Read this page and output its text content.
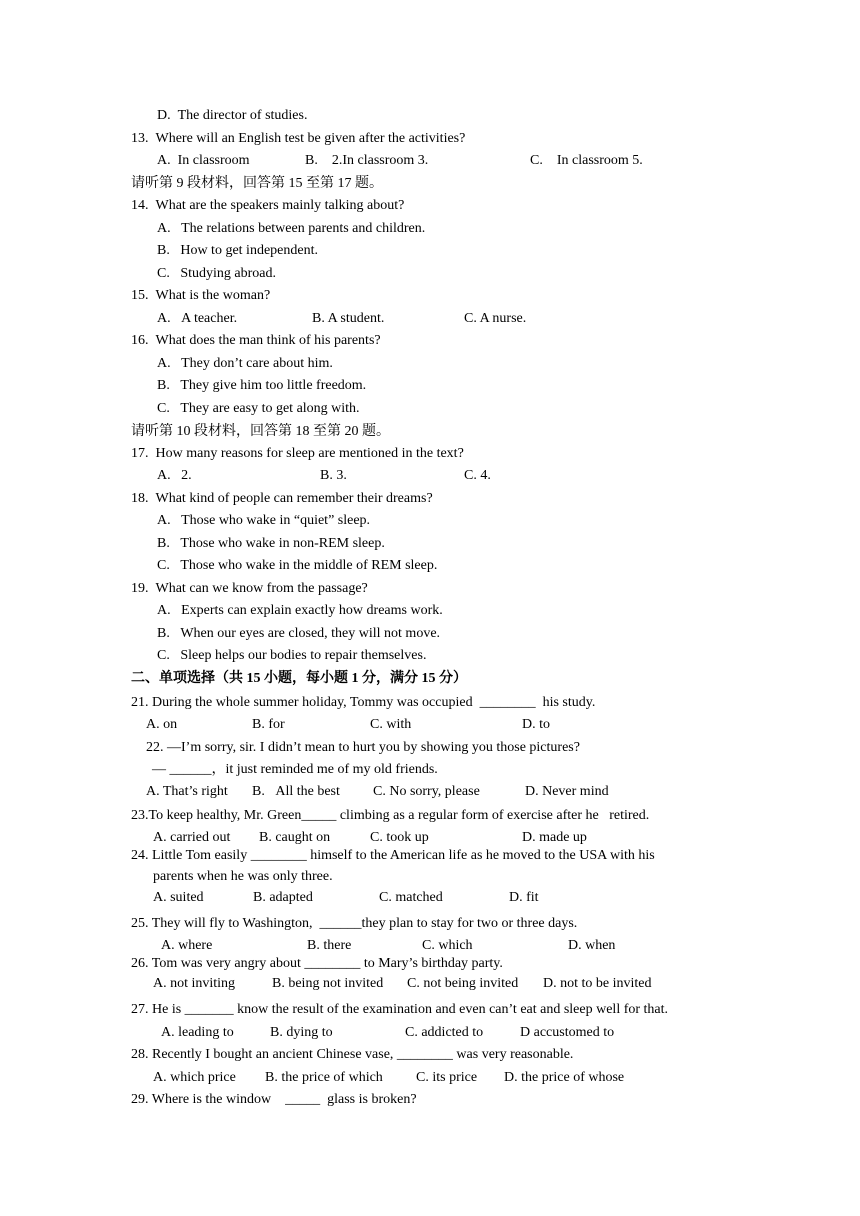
D.  The director of studies.
13.  Where will an English test be given after the activities?
A.  In classroom	B.    2.In classroom 3.	C.    In classroom 5.
请听第 9 段材料，回答第 15 至第 17 题。
14.  What are the speakers mainly talking about?
A.   The relations between parents and children.
B.   How to get independent.
C.   Studying abroad.
15.  What is the woman?
A.   A teacher.	B. A student.	C. A nurse.
16.  What does the man think of his parents?
A.   They don’t care about him.
B.   They give him too little freedom.
C.   They are easy to get along with.
请听第 10 段材料，回答第 18 至第 20 题。
17.  How many reasons for sleep are mentioned in the text?
A.   2.	B. 3.	C. 4.
18.  What kind of people can remember their dreams?
A.   Those who wake in “quiet” sleep.
B.   Those who wake in non-REM sleep.
C.   Those who wake in the middle of REM sleep.
19.  What can we know from the passage?
A.   Experts can explain exactly how dreams work.
B.   When our eyes are closed, they will not move.
C.   Sleep helps our bodies to repair themselves.
二、单项选择（共 15 小题，每小题 1 分，满分 15 分）
21. During the whole summer holiday, Tommy was occupied  ________  his study.
A. on	B. for	C. with	D. to
22. —I’m sorry, sir. I didn’t mean to hurt you by showing you those pictures?
— ______，it just reminded me of my old friends.
A. That’s right B.   All the best C. No sorry, please	D. Never mind
23.To keep healthy, Mr. Green_____ climbing as a regular form of exercise after he   retired.
A. carried out B. caught on	C. took up	D. made up
24. Little Tom easily ________ himself to the American life as he moved to the USA with his
parents when he was only three.
A. suited	B. adapted	C. matched	D. fit
25. They will fly to Washington,  ______they plan to stay for two or three days.
A. where	B. there	C. which	D. when
26. Tom was very angry about ________ to Mary’s birthday party.
A. not inviting	B. being not invited C. not being invited D. not to be invited
27. He is _______ know the result of the examination and even can’t eat and sleep well for that.
A. leading to	B. dying to	C. addicted to	D accustomed to
28. Recently I bought an ancient Chinese vase, ________ was very reasonable.
A. which price B. the price of which C. its price D. the price of whose
29. Where is the window    _____  glass is broken?
